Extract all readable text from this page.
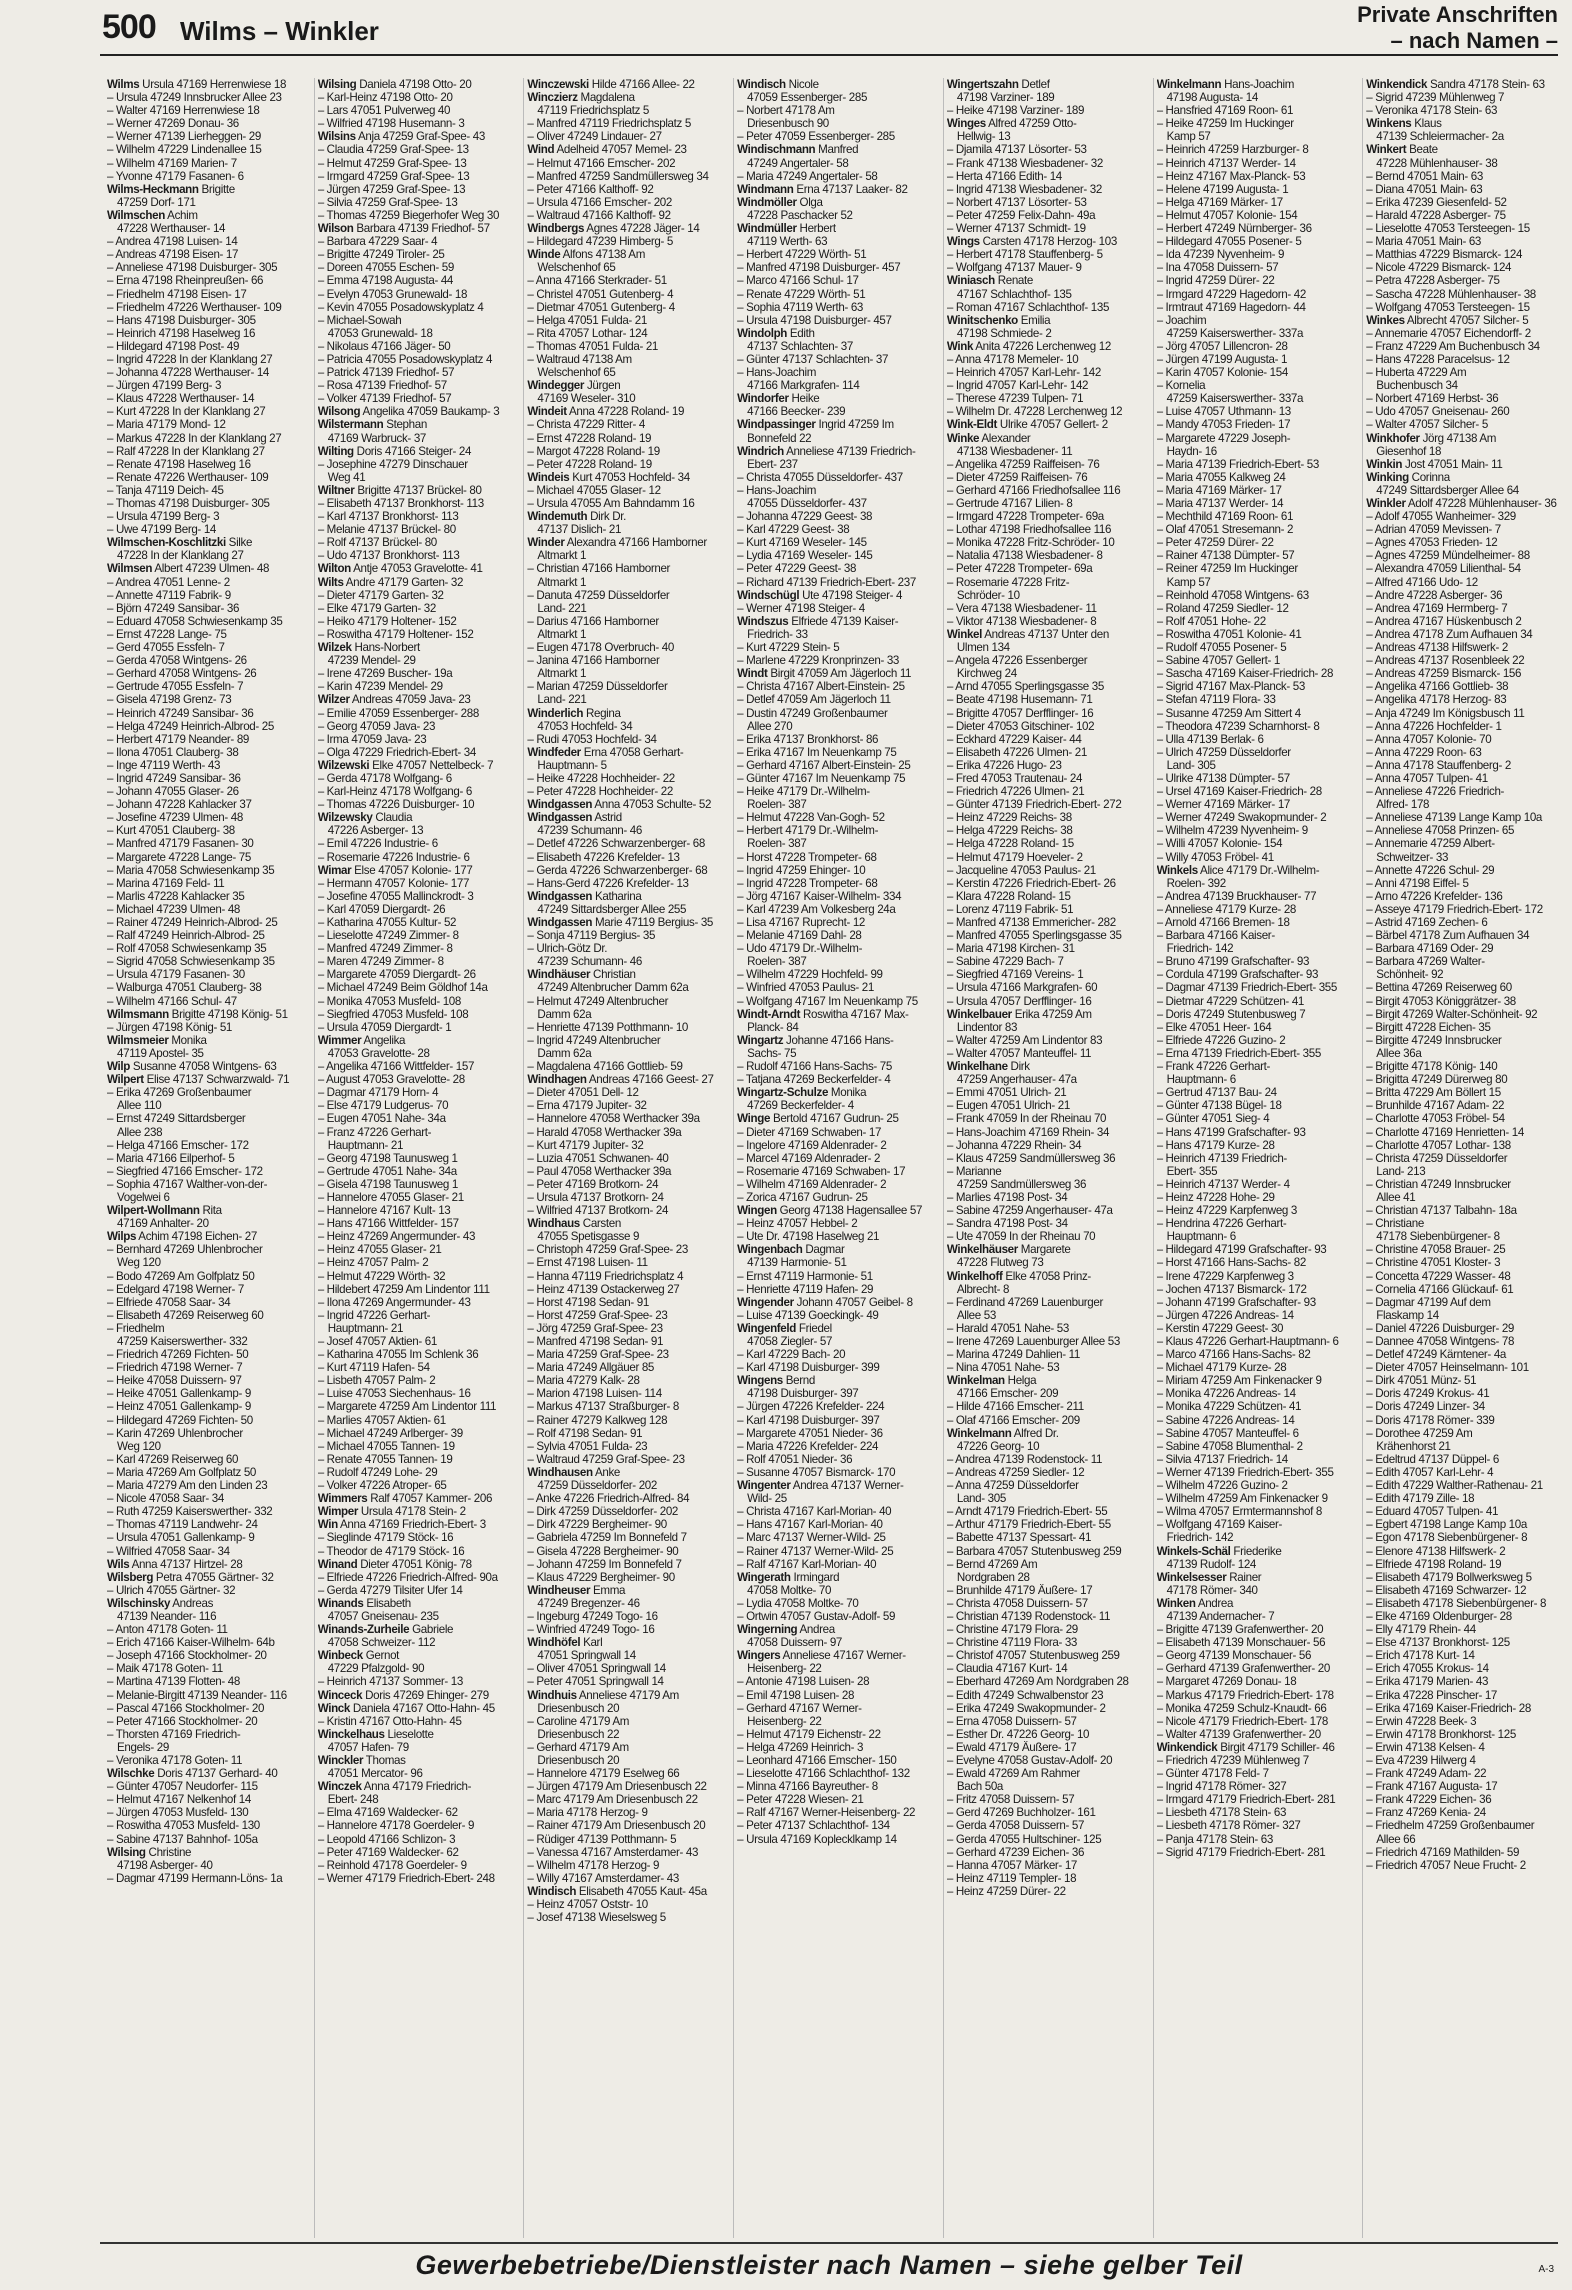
500 Wilms – Winkler
Private Anschriften
– nach Namen –
Wilms Ursula 47169 Herrenwiese 18
– Ursula 47249 Innsbrucker Allee 23
– Walter 47169 Herrenwiese 18
– Werner 47269 Donau- 36
– Werner 47139 Lierheggen- 29
– Wilhelm 47229 Lindenallee 15
– Wilhelm 47169 Marien- 7
– Yvonne 47179 Fasanen- 6
Wilms-Heckmann Brigitte
47259 Dorf- 171
Wilmschen Achim
47228 Werthauser- 14
– Andrea 47198 Luisen- 14
– Andreas 47198 Eisen- 17
– Anneliese 47198 Duisburger- 305
– Erna 47198 Rheinpreußen- 66
– Friedhelm 47198 Eisen- 17
– Friedhelm 47226 Werthauser- 109
– Hans 47198 Duisburger- 305
– Heinrich 47198 Haselweg 16
– Hildegard 47198 Post- 49
– Ingrid 47228 In der Klanklang 27
– Johanna 47228 Werthauser- 14
– Jürgen 47199 Berg- 3
– Klaus 47228 Werthauser- 14
– Kurt 47228 In der Klanklang 27
– Maria 47179 Mond- 12
– Markus 47228 In der Klanklang 27
– Ralf 47228 In der Klanklang 27
– Renate 47198 Haselweg 16
– Renate 47226 Werthauser- 109
– Tanja 47119 Deich- 45
– Thomas 47198 Duisburger- 305
– Ursula 47199 Berg- 3
– Uwe 47199 Berg- 14
Wilmschen-Koschlitzki Silke
47228 In der Klanklang 27
Wilmsen Albert 47239 Ulmen- 48
– Andrea 47051 Lenne- 2
– Annette 47119 Fabrik- 9
– Björn 47249 Sansibar- 36
– Eduard 47058 Schwiesenkamp 35
– Ernst 47228 Lange- 75
– Gerd 47055 Essfeln- 7
– Gerda 47058 Wintgens- 26
– Gerhard 47058 Wintgens- 26
– Gertrude 47055 Essfeln- 7
– Gisela 47198 Grenz- 73
– Heinrich 47249 Sansibar- 36
– Helga 47249 Heinrich-Albrod- 25
– Herbert 47179 Neander- 89
– Ilona 47051 Clauberg- 38
– Inge 47119 Werth- 43
– Ingrid 47249 Sansibar- 36
– Johann 47055 Glaser- 26
– Johann 47228 Kahlacker 37
– Josefine 47239 Ulmen- 48
– Kurt 47051 Clauberg- 38
– Manfred 47179 Fasanen- 30
– Margarete 47228 Lange- 75
– Maria 47058 Schwiesenkamp 35
– Marina 47169 Feld- 11
– Marlis 47228 Kahlacker 35
– Michael 47239 Ulmen- 48
– Rainer 47249 Heinrich-Albrod- 25
– Ralf 47249 Heinrich-Albrod- 25
– Rolf 47058 Schwiesenkamp 35
– Sigrid 47058 Schwiesenkamp 35
– Ursula 47179 Fasanen- 30
– Walburga 47051 Clauberg- 38
– Wilhelm 47166 Schul- 47
Wilmsmann Brigitte 47198 König- 51
– Jürgen 47198 König- 51
Wilmsmeier Monika
47119 Apostel- 35
Wilp Susanne 47058 Wintgens- 63
Wilpert Elise 47137 Schwarzwald- 71
– Erika 47269 Großenbaumer
Allee 110
– Ernst 47249 Sittardsberger
Allee 238
– Helga 47166 Emscher- 172
– Maria 47166 Eilperhof- 5
– Siegfried 47166 Emscher- 172
– Sophia 47167 Walther-von-der-
Vogelwei 6
Wilpert-Wollmann Rita
47169 Anhalter- 20
Wilps Achim 47198 Eichen- 27
– Bernhard 47269 Uhlenbrocher
Weg 120
– Bodo 47269 Am Golfplatz 50
– Edelgard 47198 Werner- 7
– Elfriede 47058 Saar- 34
– Elisabeth 47269 Reiserweg 60
– Friedhelm
47259 Kaiserswerther- 332
– Friedrich 47269 Fichten- 50
– Friedrich 47198 Werner- 7
– Heike 47058 Duissern- 97
– Heike 47051 Gallenkamp- 9
– Heinz 47051 Gallenkamp- 9
– Hildegard 47269 Fichten- 50
– Karin 47269 Uhlenbrocher
Weg 120
– Karl 47269 Reiserweg 60
– Maria 47269 Am Golfplatz 50
– Maria 47279 Am den Linden 23
– Nicole 47058 Saar- 34
– Ruth 47259 Kaiserswerther- 332
– Thomas 47119 Landwehr- 24
– Ursula 47051 Gallenkamp- 9
– Wilfried 47058 Saar- 34
Wils Anna 47137 Hirtzel- 28
Wilsberg Petra 47055 Gärtner- 32
– Ulrich 47055 Gärtner- 32
Wilschinsky Andreas
47139 Neander- 116
– Anton 47178 Goten- 11
– Erich 47166 Kaiser-Wilhelm- 64b
– Joseph 47166 Stockholmer- 20
– Maik 47178 Goten- 11
– Martina 47139 Flotten- 48
– Melanie-Birgitt 47139 Neander- 116
– Pascal 47166 Stockholmer- 20
– Peter 47166 Stockholmer- 20
– Thorsten 47169 Friedrich-
Engels- 29
– Veronika 47178 Goten- 11
Wilschke Doris 47137 Gerhard- 40
– Günter 47057 Neudorfer- 115
– Helmut 47167 Nelkenhof 14
– Jürgen 47053 Musfeld- 130
– Roswitha 47053 Musfeld- 130
– Sabine 47137 Bahnhof- 105a
Wilsing Christine
47198 Asberger- 40
– Dagmar 47199 Hermann-Löns- 1a
Wilsing Daniela 47198 Otto- 20
– Karl-Heinz 47198 Otto- 20
– Lars 47051 Pulverweg 40
– Wilfried 47198 Husemann- 3
Wilsins Anja 47259 Graf-Spee- 43
– Claudia 47259 Graf-Spee- 13
– Helmut 47259 Graf-Spee- 13
– Irmgard 47259 Graf-Spee- 13
– Jürgen 47259 Graf-Spee- 13
– Silvia 47259 Graf-Spee- 13
– Thomas 47259 Biegerhofer Weg 30
Wilson Barbara 47139 Friedhof- 57
– Barbara 47229 Saar- 4
– Brigitte 47249 Tiroler- 25
– Doreen 47055 Eschen- 59
– Emma 47198 Augusta- 44
– Evelyn 47053 Grunewald- 18
– Kevin 47055 Posadowskyplatz 4
– Michael-Sowah
47053 Grunewald- 18
– Nikolaus 47166 Jäger- 50
– Patricia 47055 Posadowskyplatz 4
– Patrick 47139 Friedhof- 57
– Rosa 47139 Friedhof- 57
– Volker 47139 Friedhof- 57
Wilsong Angelika 47059 Baukamp- 3
Wilstermann Stephan
47169 Warbruck- 37
Wilting Doris 47166 Steiger- 24
– Josephine 47279 Dinschauer
Weg 41
Wiltner Brigitte 47137 Brückel- 80
– Elisabeth 47137 Bronkhorst- 113
– Karl 47137 Bronkhorst- 113
– Melanie 47137 Brückel- 80
– Rolf 47137 Brückel- 80
– Udo 47137 Bronkhorst- 113
Wilton Antje 47053 Gravelotte- 41
Wilts Andre 47179 Garten- 32
– Dieter 47179 Garten- 32
– Elke 47179 Garten- 32
– Heiko 47179 Holtener- 152
– Roswitha 47179 Holtener- 152
Wilzek Hans-Norbert
47239 Mendel- 29
– Irene 47269 Buscher- 19a
– Karin 47239 Mendel- 29
Wilzer Andreas 47059 Java- 23
– Emilie 47059 Essenberger- 288
– Georg 47059 Java- 23
– Irma 47059 Java- 23
– Olga 47229 Friedrich-Ebert- 34
Wilzewski Elke 47057 Nettelbeck- 7
– Gerda 47178 Wolfgang- 6
– Karl-Heinz 47178 Wolfgang- 6
– Thomas 47226 Duisburger- 10
Wilzewsky Claudia
47226 Asberger- 13
– Emil 47226 Industrie- 6
– Rosemarie 47226 Industrie- 6
Wimar Else 47057 Kolonie- 177
– Hermann 47057 Kolonie- 177
– Josefine 47055 Mallinckrodt- 3
– Karl 47059 Diergardt- 26
– Katharina 47055 Kultur- 52
– Lieselotte 47249 Zimmer- 8
– Manfred 47249 Zimmer- 8
– Maren 47249 Zimmer- 8
– Margarete 47059 Diergardt- 26
– Michael 47249 Beim Göldhof 14a
– Monika 47053 Musfeld- 108
– Siegfried 47053 Musfeld- 108
– Ursula 47059 Diergardt- 1
Wimmer Angelika
47053 Gravelotte- 28
– Angelika 47166 Wittfelder- 157
– August 47053 Gravelotte- 28
– Dagmar 47179 Horn- 4
– Else 47179 Ludgerus- 70
– Eugen 47051 Nahe- 34a
– Franz 47226 Gerhart-
Hauptmann- 21
– Georg 47198 Taunusweg 1
– Gertrude 47051 Nahe- 34a
– Gisela 47198 Taunusweg 1
– Hannelore 47055 Glaser- 21
– Hannelore 47167 Kult- 13
– Hans 47166 Wittfelder- 157
– Heinz 47269 Angermunder- 43
– Heinz 47055 Glaser- 21
– Heinz 47057 Palm- 2
– Helmut 47229 Wörth- 32
– Hildebert 47259 Am Lindentor 111
– Ilona 47269 Angermunder- 43
– Ingrid 47226 Gerhart-
Hauptmann- 21
– Josef 47057 Aktien- 61
– Katharina 47055 Im Schlenk 36
– Kurt 47119 Hafen- 54
– Lisbeth 47057 Palm- 2
– Luise 47053 Siechenhaus- 16
– Margarete 47259 Am Lindentor 111
– Marlies 47057 Aktien- 61
– Michael 47249 Arlberger- 39
– Michael 47055 Tannen- 19
– Renate 47055 Tannen- 19
– Rudolf 47249 Lohe- 29
– Volker 47226 Atroper- 65
Wimmers Ralf 47057 Kammer- 206
Wimper Ursula 47178 Stein- 2
Win Anna 47169 Friedrich-Ebert- 3
– Sieglinde 47179 Stöck- 16
– Theodor de 47179 Stöck- 16
Winand Dieter 47051 König- 78
– Elfriede 47226 Friedrich-Alfred- 90a
– Gerda 47279 Tilsiter Ufer 14
Winands Elisabeth
47057 Gneisenau- 235
Winands-Zurheile Gabriele
47058 Schweizer- 112
Winbeck Gernot
47229 Pfalzgold- 90
– Heinrich 47137 Sommer- 13
Winceck Doris 47269 Ehinger- 279
Winck Daniela 47167 Otto-Hahn- 45
– Kristin 47167 Otto-Hahn- 45
Winckelhaus Lieselotte
47057 Hafen- 79
Winckler Thomas
47051 Mercator- 96
Winczek Anna 47179 Friedrich-
Ebert- 248
– Elma 47169 Waldecker- 62
– Hannelore 47178 Goerdeler- 9
– Leopold 47166 Schlizon- 3
– Peter 47169 Waldecker- 62
– Reinhold 47178 Goerdeler- 9
– Werner 47179 Friedrich-Ebert- 248
Winczewski Hilde 47166 Allee- 22
Winczierz Magdalena
47119 Friedrichsplatz 5
– Manfred 47119 Friedrichsplatz 5
– Oliver 47249 Lindauer- 27
Wind Adelheid 47057 Memel- 23
– Helmut 47166 Emscher- 202
– Manfred 47259 Sandmüllersweg 34
– Peter 47166 Kalthoff- 92
– Ursula 47166 Emscher- 202
– Waltraud 47166 Kalthoff- 92
Windbergs Agnes 47228 Jäger- 14
– Hildegard 47239 Himberg- 5
Winde Alfons 47138 Am
Welschenhof 65
– Anna 47166 Sterkrader- 51
– Christel 47051 Gutenberg- 4
– Dietmar 47051 Gutenberg- 4
– Helga 47051 Fulda- 21
– Rita 47057 Lothar- 124
– Thomas 47051 Fulda- 21
– Waltraud 47138 Am
Welschenhof 65
Windegger Jürgen
47169 Weseler- 310
Windeit Anna 47228 Roland- 19
– Christa 47229 Ritter- 4
– Ernst 47228 Roland- 19
– Margot 47228 Roland- 19
– Peter 47228 Roland- 19
Windeis Kurt 47053 Hochfeld- 34
– Michael 47055 Glaser- 12
– Ursula 47055 Am Bahndamm 16
Windemuth Dirk Dr.
47137 Dislich- 21
Winder Alexandra 47166 Hamborner
Altmarkt 1
– Christian 47166 Hamborner
Altmarkt 1
– Danuta 47259 Düsseldorfer
Land- 221
– Darius 47166 Hamborner
Altmarkt 1
– Eugen 47178 Overbruch- 40
– Janina 47166 Hamborner
Altmarkt 1
– Marian 47259 Düsseldorfer
Land- 221
Winderlich Regina
47053 Hochfeld- 34
– Rudi 47053 Hochfeld- 34
Windfeder Erna 47058 Gerhart-
Hauptmann- 5
– Heike 47228 Hochheider- 22
– Peter 47228 Hochheider- 22
Windgassen Anna 47053 Schulte- 52
Windgassen Astrid
47239 Schumann- 46
– Detlef 47226 Schwarzenberger- 68
– Elisabeth 47226 Krefelder- 13
– Gerda 47226 Schwarzenberger- 68
– Hans-Gerd 47226 Krefelder- 13
Windgassen Katharina
47249 Sittardsberger Allee 255
Windgassen Marie 47119 Bergius- 35
– Sonja 47119 Bergius- 35
– Ulrich-Götz Dr.
47239 Schumann- 46
Windhäuser Christian
47249 Altenbrucher Damm 62a
– Helmut 47249 Altenbrucher
Damm 62a
– Henriette 47139 Potthmann- 10
– Ingrid 47249 Altenbrucher
Damm 62a
– Magdalena 47166 Gottlieb- 59
Windhagen Andreas 47166 Geest- 27
– Dieter 47051 Dell- 12
– Erna 47179 Jupiter- 32
– Hannelore 47058 Werthacker 39a
– Harald 47058 Werthacker 39a
– Kurt 47179 Jupiter- 32
– Luzia 47051 Schwanen- 40
– Paul 47058 Werthacker 39a
– Peter 47169 Brotkorn- 24
– Ursula 47137 Brotkorn- 24
– Wilfried 47137 Brotkorn- 24
Windhaus Carsten
47055 Spetisgasse 9
– Christoph 47259 Graf-Spee- 23
– Ernst 47198 Luisen- 11
– Hanna 47119 Friedrichsplatz 4
– Heinz 47139 Ostackerweg 27
– Horst 47198 Sedan- 91
– Horst 47259 Graf-Spee- 23
– Jörg 47259 Graf-Spee- 23
– Manfred 47198 Sedan- 91
– Maria 47259 Graf-Spee- 23
– Maria 47249 Allgäuer 85
– Maria 47279 Kalk- 28
– Marion 47198 Luisen- 114
– Markus 47137 Straßburger- 8
– Rainer 47279 Kalkweg 128
– Rolf 47198 Sedan- 91
– Sylvia 47051 Fulda- 23
– Waltraud 47259 Graf-Spee- 23
Windhausen Anke
47259 Düsseldorfer- 202
– Anke 47226 Friedrich-Alfred- 84
– Dirk 47259 Düsseldorfer- 202
– Dirk 47229 Bergheimer- 90
– Gabriela 47259 Im Bonnefeld 7
– Gisela 47228 Bergheimer- 90
– Johann 47259 Im Bonnefeld 7
– Klaus 47229 Bergheimer- 90
Windheuser Emma
47249 Bregenzer- 46
– Ingeburg 47249 Togo- 16
– Winfried 47249 Togo- 16
Windhöfel Karl
47051 Springwall 14
– Oliver 47051 Springwall 14
– Peter 47051 Springwall 14
Windhuis Anneliese 47179 Am
Driesenbusch 20
– Caroline 47179 Am
Driesenbusch 22
– Gerhard 47179 Am
Driesenbusch 20
– Hannelore 47179 Eselweg 66
– Jürgen 47179 Am Driesenbusch 22
– Marc 47179 Am Driesenbusch 22
– Maria 47178 Herzog- 9
– Rainer 47179 Am Driesenbusch 20
– Rüdiger 47139 Potthmann- 5
– Vanessa 47167 Amsterdamer- 43
– Wilhelm 47178 Herzog- 9
– Willy 47167 Amsterdamer- 43
Windisch Elisabeth 47055 Kaut- 45a
– Heinz 47057 Oststr- 10
– Josef 47138 Wieselsweg 5
Windisch Nicole
47059 Essenberger- 285
– Norbert 47178 Am
Driesenbusch 90
– Peter 47059 Essenberger- 285
Windischmann Manfred
47249 Angertaler- 58
– Maria 47249 Angertaler- 58
Windmann Erna 47137 Laaker- 82
Windmöller Olga
47228 Paschacker 52
Windmüller Herbert
47119 Werth- 63
– Herbert 47229 Wörth- 51
– Manfred 47198 Duisburger- 457
– Marco 47166 Schul- 17
– Renate 47229 Wörth- 51
– Sophia 47119 Werth- 63
– Ursula 47198 Duisburger- 457
Windolph Edith
47137 Schlachten- 37
– Günter 47137 Schlachten- 37
– Hans-Joachim
47166 Markgrafen- 114
Windorfer Heike
47166 Beecker- 239
Windpassinger Ingrid 47259 Im
Bonnefeld 22
Windrich Anneliese 47139 Friedrich-
Ebert- 237
– Christa 47055 Düsseldorfer- 437
– Hans-Joachim
47055 Düsseldorfer- 437
– Johanna 47229 Geest- 38
– Karl 47229 Geest- 38
– Kurt 47169 Weseler- 145
– Lydia 47169 Weseler- 145
– Peter 47229 Geest- 38
– Richard 47139 Friedrich-Ebert- 237
Windschügl Ute 47198 Steiger- 4
– Werner 47198 Steiger- 4
Windszus Elfriede 47139 Kaiser-
Friedrich- 33
– Kurt 47229 Stein- 5
– Marlene 47229 Kronprinzen- 33
Windt Birgit 47059 Am Jägerloch 11
– Christa 47167 Albert-Einstein- 25
– Detlef 47059 Am Jägerloch 11
– Dustin 47249 Großenbaumer
Allee 270
– Erika 47137 Bronkhorst- 86
– Erika 47167 Im Neuenkamp 75
– Gerhard 47167 Albert-Einstein- 25
– Günter 47167 Im Neuenkamp 75
– Heike 47179 Dr.-Wilhelm-
Roelen- 387
– Helmut 47228 Van-Gogh- 52
– Herbert 47179 Dr.-Wilhelm-
Roelen- 387
– Horst 47228 Trompeter- 68
– Ingrid 47259 Ehinger- 10
– Ingrid 47228 Trompeter- 68
– Jörg 47167 Kaiser-Wilhelm- 334
– Karl 47239 Am Volkesberg 24a
– Lisa 47167 Ruprecht- 12
– Melanie 47169 Dahl- 28
– Udo 47179 Dr.-Wilhelm-
Roelen- 387
– Wilhelm 47229 Hochfeld- 99
– Winfried 47053 Paulus- 21
– Wolfgang 47167 Im Neuenkamp 75
Windt-Arndt Roswitha 47167 Max-
Planck- 84
Wingartz Johanne 47166 Hans-
Sachs- 75
– Rudolf 47166 Hans-Sachs- 75
– Tatjana 47269 Beckerfelder- 4
Wingartz-Schulze Monika
47269 Beckerfelder- 4
Winge Bertold 47167 Gudrun- 25
– Dieter 47169 Schwaben- 17
– Ingelore 47169 Aldenrader- 2
– Marcel 47169 Aldenrader- 2
– Rosemarie 47169 Schwaben- 17
– Wilhelm 47169 Aldenrader- 2
– Zorica 47167 Gudrun- 25
Wingen Georg 47138 Hagensallee 57
– Heinz 47057 Hebbel- 2
– Ute Dr. 47198 Haselweg 21
Wingenbach Dagmar
47139 Harmonie- 51
– Ernst 47119 Harmonie- 51
– Henriette 47119 Hafen- 29
Wingender Johann 47057 Geibel- 8
– Luise 47139 Goeckingk- 49
Wingenfeld Friedel
47058 Ziegler- 57
– Karl 47229 Bach- 20
– Karl 47198 Duisburger- 399
Wingens Bernd
47198 Duisburger- 397
– Jürgen 47226 Krefelder- 224
– Karl 47198 Duisburger- 397
– Margarete 47051 Nieder- 36
– Maria 47226 Krefelder- 224
– Rolf 47051 Nieder- 36
– Susanne 47057 Bismarck- 170
Wingenter Andrea 47137 Werner-
Wild- 25
– Christa 47167 Karl-Morian- 40
– Hans 47167 Karl-Morian- 40
– Marc 47137 Werner-Wild- 25
– Rainer 47137 Werner-Wild- 25
– Ralf 47167 Karl-Morian- 40
Wingerath Irmingard
47058 Moltke- 70
– Lydia 47058 Moltke- 70
– Ortwin 47057 Gustav-Adolf- 59
Wingerning Andrea
47058 Duissern- 97
Wingers Anneliese 47167 Werner-
Heisenberg- 22
– Antonie 47198 Luisen- 28
– Emil 47198 Luisen- 28
– Gerhard 47167 Werner-
Heisenberg- 22
– Helmut 47179 Eichenstr- 22
– Helga 47269 Heinrich- 3
– Leonhard 47166 Emscher- 150
– Lieselotte 47166 Schlachthof- 132
– Minna 47166 Bayreuther- 8
– Peter 47228 Wiesen- 21
– Ralf 47167 Werner-Heisenberg- 22
– Peter 47137 Schlachthof- 134
– Ursula 47169 Koplecklkamp 14
Wingertszahn Detlef
47198 Varziner- 189
– Heike 47198 Varziner- 189
Winges Alfred 47259 Otto-
Hellwig- 13
– Djamila 47137 Lösorter- 53
– Frank 47138 Wiesbadener- 32
– Herta 47166 Edith- 14
– Ingrid 47138 Wiesbadener- 32
– Norbert 47137 Lösorter- 53
– Peter 47259 Felix-Dahn- 49a
– Werner 47137 Schmidt- 19
Wings Carsten 47178 Herzog- 103
– Herbert 47178 Stauffenberg- 5
– Wolfgang 47137 Mauer- 9
Winiasch Renate
47167 Schlachthof- 135
– Roman 47167 Schlachthof- 135
Winitschenko Emilia
47198 Schmiede- 2
Wink Anita 47226 Lerchenweg 12
– Anna 47178 Memeler- 10
– Heinrich 47057 Karl-Lehr- 142
– Ingrid 47057 Karl-Lehr- 142
– Therese 47239 Tulpen- 71
– Wilhelm Dr. 47228 Lerchenweg 12
Wink-Eldt Ulrike 47057 Gellert- 2
Winke Alexander
47138 Wiesbadener- 11
– Angelika 47259 Raiffeisen- 76
– Dieter 47259 Raiffeisen- 76
– Gerhard 47166 Friedhofsallee 116
– Gertrude 47167 Lilien- 8
– Irmgard 47228 Trompeter- 69a
– Lothar 47198 Friedhofsallee 116
– Monika 47228 Fritz-Schröder- 10
– Natalia 47138 Wiesbadener- 8
– Peter 47228 Trompeter- 69a
– Rosemarie 47228 Fritz-
Schröder- 10
– Vera 47138 Wiesbadener- 11
– Viktor 47138 Wiesbadener- 8
Winkel Andreas 47137 Unter den
Ulmen 134
– Angela 47226 Essenberger
Kirchweg 24
– Arnd 47055 Sperlingsgasse 35
– Beate 47198 Husemann- 71
– Brigitte 47057 Derfflinger- 16
– Dieter 47053 Gitschiner- 102
– Eckhard 47229 Kaiser- 44
– Elisabeth 47226 Ulmen- 21
– Erika 47226 Hugo- 23
– Fred 47053 Trautenau- 24
– Friedrich 47226 Ulmen- 21
– Günter 47139 Friedrich-Ebert- 272
– Heinz 47229 Reichs- 38
– Helga 47229 Reichs- 38
– Helga 47228 Roland- 15
– Helmut 47179 Hoeveler- 2
– Jacqueline 47053 Paulus- 21
– Kerstin 47226 Friedrich-Ebert- 26
– Klara 47228 Roland- 15
– Lorenz 47119 Fabrik- 51
– Manfred 47138 Emmericher- 282
– Manfred 47055 Sperlingsgasse 35
– Maria 47198 Kirchen- 31
– Sabine 47229 Bach- 7
– Siegfried 47169 Vereins- 1
– Ursula 47166 Markgrafen- 60
– Ursula 47057 Derfflinger- 16
Winkelbauer Erika 47259 Am
Lindentor 83
– Walter 47259 Am Lindentor 83
– Walter 47057 Manteuffel- 11
Winkelhane Dirk
47259 Angerhauser- 47a
– Emmi 47051 Ulrich- 21
– Eugen 47051 Ulrich- 21
– Frank 47059 In der Rheinau 70
– Hans-Joachim 47169 Rhein- 34
– Johanna 47229 Rhein- 34
– Klaus 47259 Sandmüllersweg 36
– Marianne
47259 Sandmüllersweg 36
– Marlies 47198 Post- 34
– Sabine 47259 Angerhauser- 47a
– Sandra 47198 Post- 34
– Ute 47059 In der Rheinau 70
Winkelhäuser Margarete
47228 Flutweg 73
Winkelhoff Elke 47058 Prinz-
Albrecht- 8
– Ferdinand 47269 Lauenburger
Allee 53
– Harald 47051 Nahe- 53
– Irene 47269 Lauenburger Allee 53
– Marina 47249 Dahlien- 11
– Nina 47051 Nahe- 53
Winkelman Helga
47166 Emscher- 209
– Hilde 47166 Emscher- 211
– Olaf 47166 Emscher- 209
Winkelmann Alfred Dr.
47226 Georg- 10
– Andrea 47139 Rodenstock- 11
– Andreas 47259 Siedler- 12
– Anna 47259 Düsseldorfer
Land- 305
– Arndt 47179 Friedrich-Ebert- 55
– Arthur 47179 Friedrich-Ebert- 55
– Babette 47137 Spessart- 41
– Barbara 47057 Stutenbusweg 259
– Bernd 47269 Am
Nordgraben 28
– Brunhilde 47179 Äußere- 17
– Christa 47058 Duissern- 57
– Christian 47139 Rodenstock- 11
– Christine 47179 Flora- 29
– Christine 47119 Flora- 33
– Christof 47057 Stutenbusweg 259
– Claudia 47167 Kurt- 14
– Eberhard 47269 Am Nordgraben 28
– Edith 47249 Schwalbenstor 23
– Erika 47249 Swakopmunder- 2
– Erna 47058 Duissern- 57
– Esther Dr. 47226 Georg- 10
– Ewald 47179 Äußere- 17
– Evelyne 47058 Gustav-Adolf- 20
– Ewald 47269 Am Rahmer
Bach 50a
– Fritz 47058 Duissern- 57
– Gerd 47269 Buchholzer- 161
– Gerda 47058 Duissern- 57
– Gerda 47055 Hultschiner- 125
– Gerhard 47239 Eichen- 36
– Hanna 47057 Märker- 17
– Heinz 47119 Templer- 18
– Heinz 47259 Dürer- 22
Winkelmann Hans-Joachim
47198 Augusta- 14
– Hansfried 47169 Roon- 61
– Heike 47259 Im Huckinger
Kamp 57
– Heinrich 47259 Harzburger- 8
– Heinrich 47137 Werder- 14
– Heinz 47167 Max-Planck- 53
– Helene 47199 Augusta- 1
– Helga 47169 Märker- 17
– Helmut 47057 Kolonie- 154
– Herbert 47249 Nürnberger- 36
– Hildegard 47055 Posener- 5
– Ida 47239 Nyvenheim- 9
– Ina 47058 Duissern- 57
– Ingrid 47259 Dürer- 22
– Irmgard 47229 Hagedorn- 42
– Irmtraut 47169 Hagedorn- 44
– Joachim
47259 Kaiserswerther- 337a
– Jörg 47057 Lillencron- 28
– Jürgen 47199 Augusta- 1
– Karin 47057 Kolonie- 154
– Kornelia
47259 Kaiserswerther- 337a
– Luise 47057 Uthmann- 13
– Mandy 47053 Frieden- 17
– Margarete 47229 Joseph-
Haydn- 16
– Maria 47139 Friedrich-Ebert- 53
– Maria 47055 Kalkweg 24
– Maria 47169 Märker- 17
– Maria 47137 Werder- 14
– Mechthild 47169 Roon- 61
– Olaf 47051 Stresemann- 2
– Peter 47259 Dürer- 22
– Rainer 47138 Dümpter- 57
– Reiner 47259 Im Huckinger
Kamp 57
– Reinhold 47058 Wintgens- 63
– Roland 47259 Siedler- 12
– Rolf 47051 Hohe- 22
– Roswitha 47051 Kolonie- 41
– Rudolf 47055 Posener- 5
– Sabine 47057 Gellert- 1
– Sascha 47169 Kaiser-Friedrich- 28
– Sigrid 47167 Max-Planck- 53
– Stefan 47119 Flora- 33
– Susanne 47259 Am Sittert 4
– Theodora 47239 Scharnhorst- 8
– Ulla 47139 Berlak- 6
– Ulrich 47259 Düsseldorfer
Land- 305
– Ulrike 47138 Dümpter- 57
– Ursel 47169 Kaiser-Friedrich- 28
– Werner 47169 Märker- 17
– Werner 47249 Swakopmunder- 2
– Wilhelm 47239 Nyvenheim- 9
– Willi 47057 Kolonie- 154
– Willy 47053 Fröbel- 41
Winkels Alice 47179 Dr.-Wilhelm-
Roelen- 392
– Andrea 47139 Bruckhauser- 77
– Anneliese 47179 Kurze- 28
– Arnold 47166 Bremen- 18
– Barbara 47166 Kaiser-
Friedrich- 142
– Bruno 47199 Grafschafter- 93
– Cordula 47199 Grafschafter- 93
– Dagmar 47139 Friedrich-Ebert- 355
– Dietmar 47229 Schützen- 41
– Doris 47249 Stutenbusweg 7
– Elke 47051 Heer- 164
– Elfriede 47226 Guzino- 2
– Erna 47139 Friedrich-Ebert- 355
– Frank 47226 Gerhart-
Hauptmann- 6
– Gertrud 47137 Bau- 24
– Günter 47138 Bügel- 18
– Günter 47051 Sieg- 4
– Hans 47199 Grafschafter- 93
– Hans 47179 Kurze- 28
– Heinrich 47139 Friedrich-
Ebert- 355
– Heinrich 47137 Werder- 4
– Heinz 47228 Hohe- 29
– Heinz 47229 Karpfenweg 3
– Hendrina 47226 Gerhart-
Hauptmann- 6
– Hildegard 47199 Grafschafter- 93
– Horst 47166 Hans-Sachs- 82
– Irene 47229 Karpfenweg 3
– Jochen 47137 Bismarck- 172
– Johann 47199 Grafschafter- 93
– Jürgen 47226 Andreas- 14
– Kerstin 47229 Geest- 30
– Klaus 47226 Gerhart-Hauptmann- 6
– Marco 47166 Hans-Sachs- 82
– Michael 47179 Kurze- 28
– Miriam 47259 Am Finkenacker 9
– Monika 47226 Andreas- 14
– Monika 47229 Schützen- 41
– Sabine 47226 Andreas- 14
– Sabine 47057 Manteuffel- 6
– Sabine 47058 Blumenthal- 2
– Silvia 47137 Friedrich- 14
– Werner 47139 Friedrich-Ebert- 355
– Wilhelm 47226 Guzino- 2
– Wilhelm 47259 Am Finkenacker 9
– Wilma 47057 Ermtermannshof 8
– Wolfgang 47169 Kaiser-
Friedrich- 142
Winkels-Schäl Friederike
47139 Rudolf- 124
Winkelsesser Rainer
47178 Römer- 340
Winken Andrea
47139 Andernacher- 7
– Brigitte 47139 Grafenwerther- 20
– Elisabeth 47139 Monschauer- 56
– Georg 47139 Monschauer- 56
– Gerhard 47139 Grafenwerther- 20
– Margaret 47269 Donau- 18
– Markus 47179 Friedrich-Ebert- 178
– Monika 47259 Schulz-Knaudt- 66
– Nicole 47179 Friedrich-Ebert- 178
– Walter 47139 Grafenwerther- 20
Winkendick Birgit 47179 Schiller- 46
– Friedrich 47239 Mühlenweg 7
– Günter 47178 Feld- 7
– Ingrid 47178 Römer- 327
– Irmgard 47179 Friedrich-Ebert- 281
– Liesbeth 47178 Stein- 63
– Liesbeth 47178 Römer- 327
– Panja 47178 Stein- 63
– Sigrid 47179 Friedrich-Ebert- 281
Winkendick Sandra 47178 Stein- 63
– Sigrid 47239 Mühlenweg 7
– Veronika 47178 Stein- 63
Winkens Klaus
47139 Schleiermacher- 2a
Winkert Beate
47228 Mühlenhauser- 38
– Bernd 47051 Main- 63
– Diana 47051 Main- 63
– Erika 47239 Giesenfeld- 52
– Harald 47228 Asberger- 75
– Lieselotte 47053 Tersteegen- 15
– Maria 47051 Main- 63
– Matthias 47229 Bismarck- 124
– Nicole 47229 Bismarck- 124
– Petra 47228 Asberger- 75
– Sascha 47228 Mühlenhauser- 38
– Wolfgang 47053 Tersteegen- 15
Winkes Albrecht 47057 Silcher- 5
– Annemarie 47057 Eichendorff- 2
– Franz 47229 Am Buchenbusch 34
– Hans 47228 Paracelsus- 12
– Huberta 47229 Am
Buchenbusch 34
– Norbert 47169 Herbst- 36
– Udo 47057 Gneisenau- 260
– Walter 47057 Silcher- 5
Winkhofer Jörg 47138 Am
Giesenhof 18
Winkin Jost 47051 Main- 11
Winking Corinna
47249 Sittardsberger Allee 64
Winkler Adolf 47228 Mühlenhauser- 36
– Adolf 47055 Wanheimer- 329
– Adrian 47059 Mevissen- 7
– Agnes 47053 Frieden- 12
– Agnes 47259 Mündelheimer- 88
– Alexandra 47059 Lilienthal- 54
– Alfred 47166 Udo- 12
– Andre 47228 Asberger- 36
– Andrea 47169 Hermberg- 7
– Andrea 47167 Hüskenbusch 2
– Andrea 47178 Zum Aufhauen 34
– Andreas 47138 Hilfswerk- 2
– Andreas 47137 Rosenbleek 22
– Andreas 47259 Bismarck- 156
– Angelika 47166 Gottlieb- 38
– Angelika 47178 Herzog- 83
– Anja 47249 Im Königsbusch 11
– Anna 47226 Hochfelder- 1
– Anna 47057 Kolonie- 70
– Anna 47229 Roon- 63
– Anna 47178 Stauffenberg- 2
– Anna 47057 Tulpen- 41
– Anneliese 47226 Friedrich-
Alfred- 178
– Anneliese 47139 Lange Kamp 10a
– Anneliese 47058 Prinzen- 65
– Annemarie 47259 Albert-
Schweitzer- 33
– Annette 47226 Schul- 29
– Anni 47198 Eiffel- 5
– Arno 47226 Krefelder- 136
– Asseye 47179 Friedrich-Ebert- 172
– Astrid 47169 Zechen- 6
– Bärbel 47178 Zum Aufhauen 34
– Barbara 47169 Oder- 29
– Barbara 47269 Walter-
Schönheit- 92
– Bettina 47269 Reiserweg 60
– Birgit 47053 Königgrätzer- 38
– Birgit 47269 Walter-Schönheit- 92
– Birgitt 47228 Eichen- 35
– Birgitte 47249 Innsbrucker
Allee 36a
– Brigitte 47178 König- 140
– Brigitta 47249 Dürerweg 80
– Britta 47229 Am Böllert 15
– Brunhilde 47167 Adam- 22
– Charlotte 47053 Fröbel- 54
– Charlotte 47169 Henrietten- 14
– Charlotte 47057 Lothar- 138
– Christa 47259 Düsseldorfer
Land- 213
– Christian 47249 Innsbrucker
Allee 41
– Christian 47137 Talbahn- 18a
– Christiane
47178 Siebenbürgener- 8
– Christine 47058 Brauer- 25
– Christine 47051 Kloster- 3
– Concetta 47229 Wasser- 48
– Cornelia 47166 Glückauf- 61
– Dagmar 47199 Auf dem
Flaskamp 14
– Daniel 47226 Duisburger- 29
– Dannee 47058 Wintgens- 78
– Detlef 47249 Kärntener- 4a
– Dieter 47057 Heinselmann- 101
– Dirk 47051 Münz- 51
– Doris 47249 Krokus- 41
– Doris 47249 Linzer- 34
– Doris 47178 Römer- 339
– Dorothee 47259 Am
Krähenhorst 21
– Edeltrud 47137 Düppel- 6
– Edith 47057 Karl-Lehr- 4
– Edith 47229 Walther-Rathenau- 21
– Edith 47179 Zille- 18
– Eduard 47057 Tulpen- 41
– Egbert 47198 Lange Kamp 10a
– Egon 47178 Siebenbürgener- 8
– Elenore 47138 Hilfswerk- 2
– Elfriede 47198 Roland- 19
– Elisabeth 47179 Bollwerksweg 5
– Elisabeth 47169 Schwarzer- 12
– Elisabeth 47178 Siebenbürgener- 8
– Elke 47169 Oldenburger- 28
– Elly 47179 Rhein- 44
– Else 47137 Bronkhorst- 125
– Erich 47178 Kurt- 14
– Erich 47055 Krokus- 14
– Erika 47179 Marien- 43
– Erika 47228 Pinscher- 17
– Erika 47169 Kaiser-Friedrich- 28
– Erwin 47228 Beek- 3
– Erwin 47178 Bronkhorst- 125
– Erwin 47138 Kelsen- 4
– Eva 47239 Hilwerg 4
– Frank 47249 Adam- 22
– Frank 47167 Augusta- 17
– Frank 47229 Eichen- 36
– Franz 47269 Kenia- 24
– Friedhelm 47259 Großenbaumer
Allee 66
– Friedrich 47169 Mathilden- 59
– Friedrich 47057 Neue Frucht- 2
Gewerbebetriebe/Dienstleister nach Namen – siehe gelber Teil	A-3
